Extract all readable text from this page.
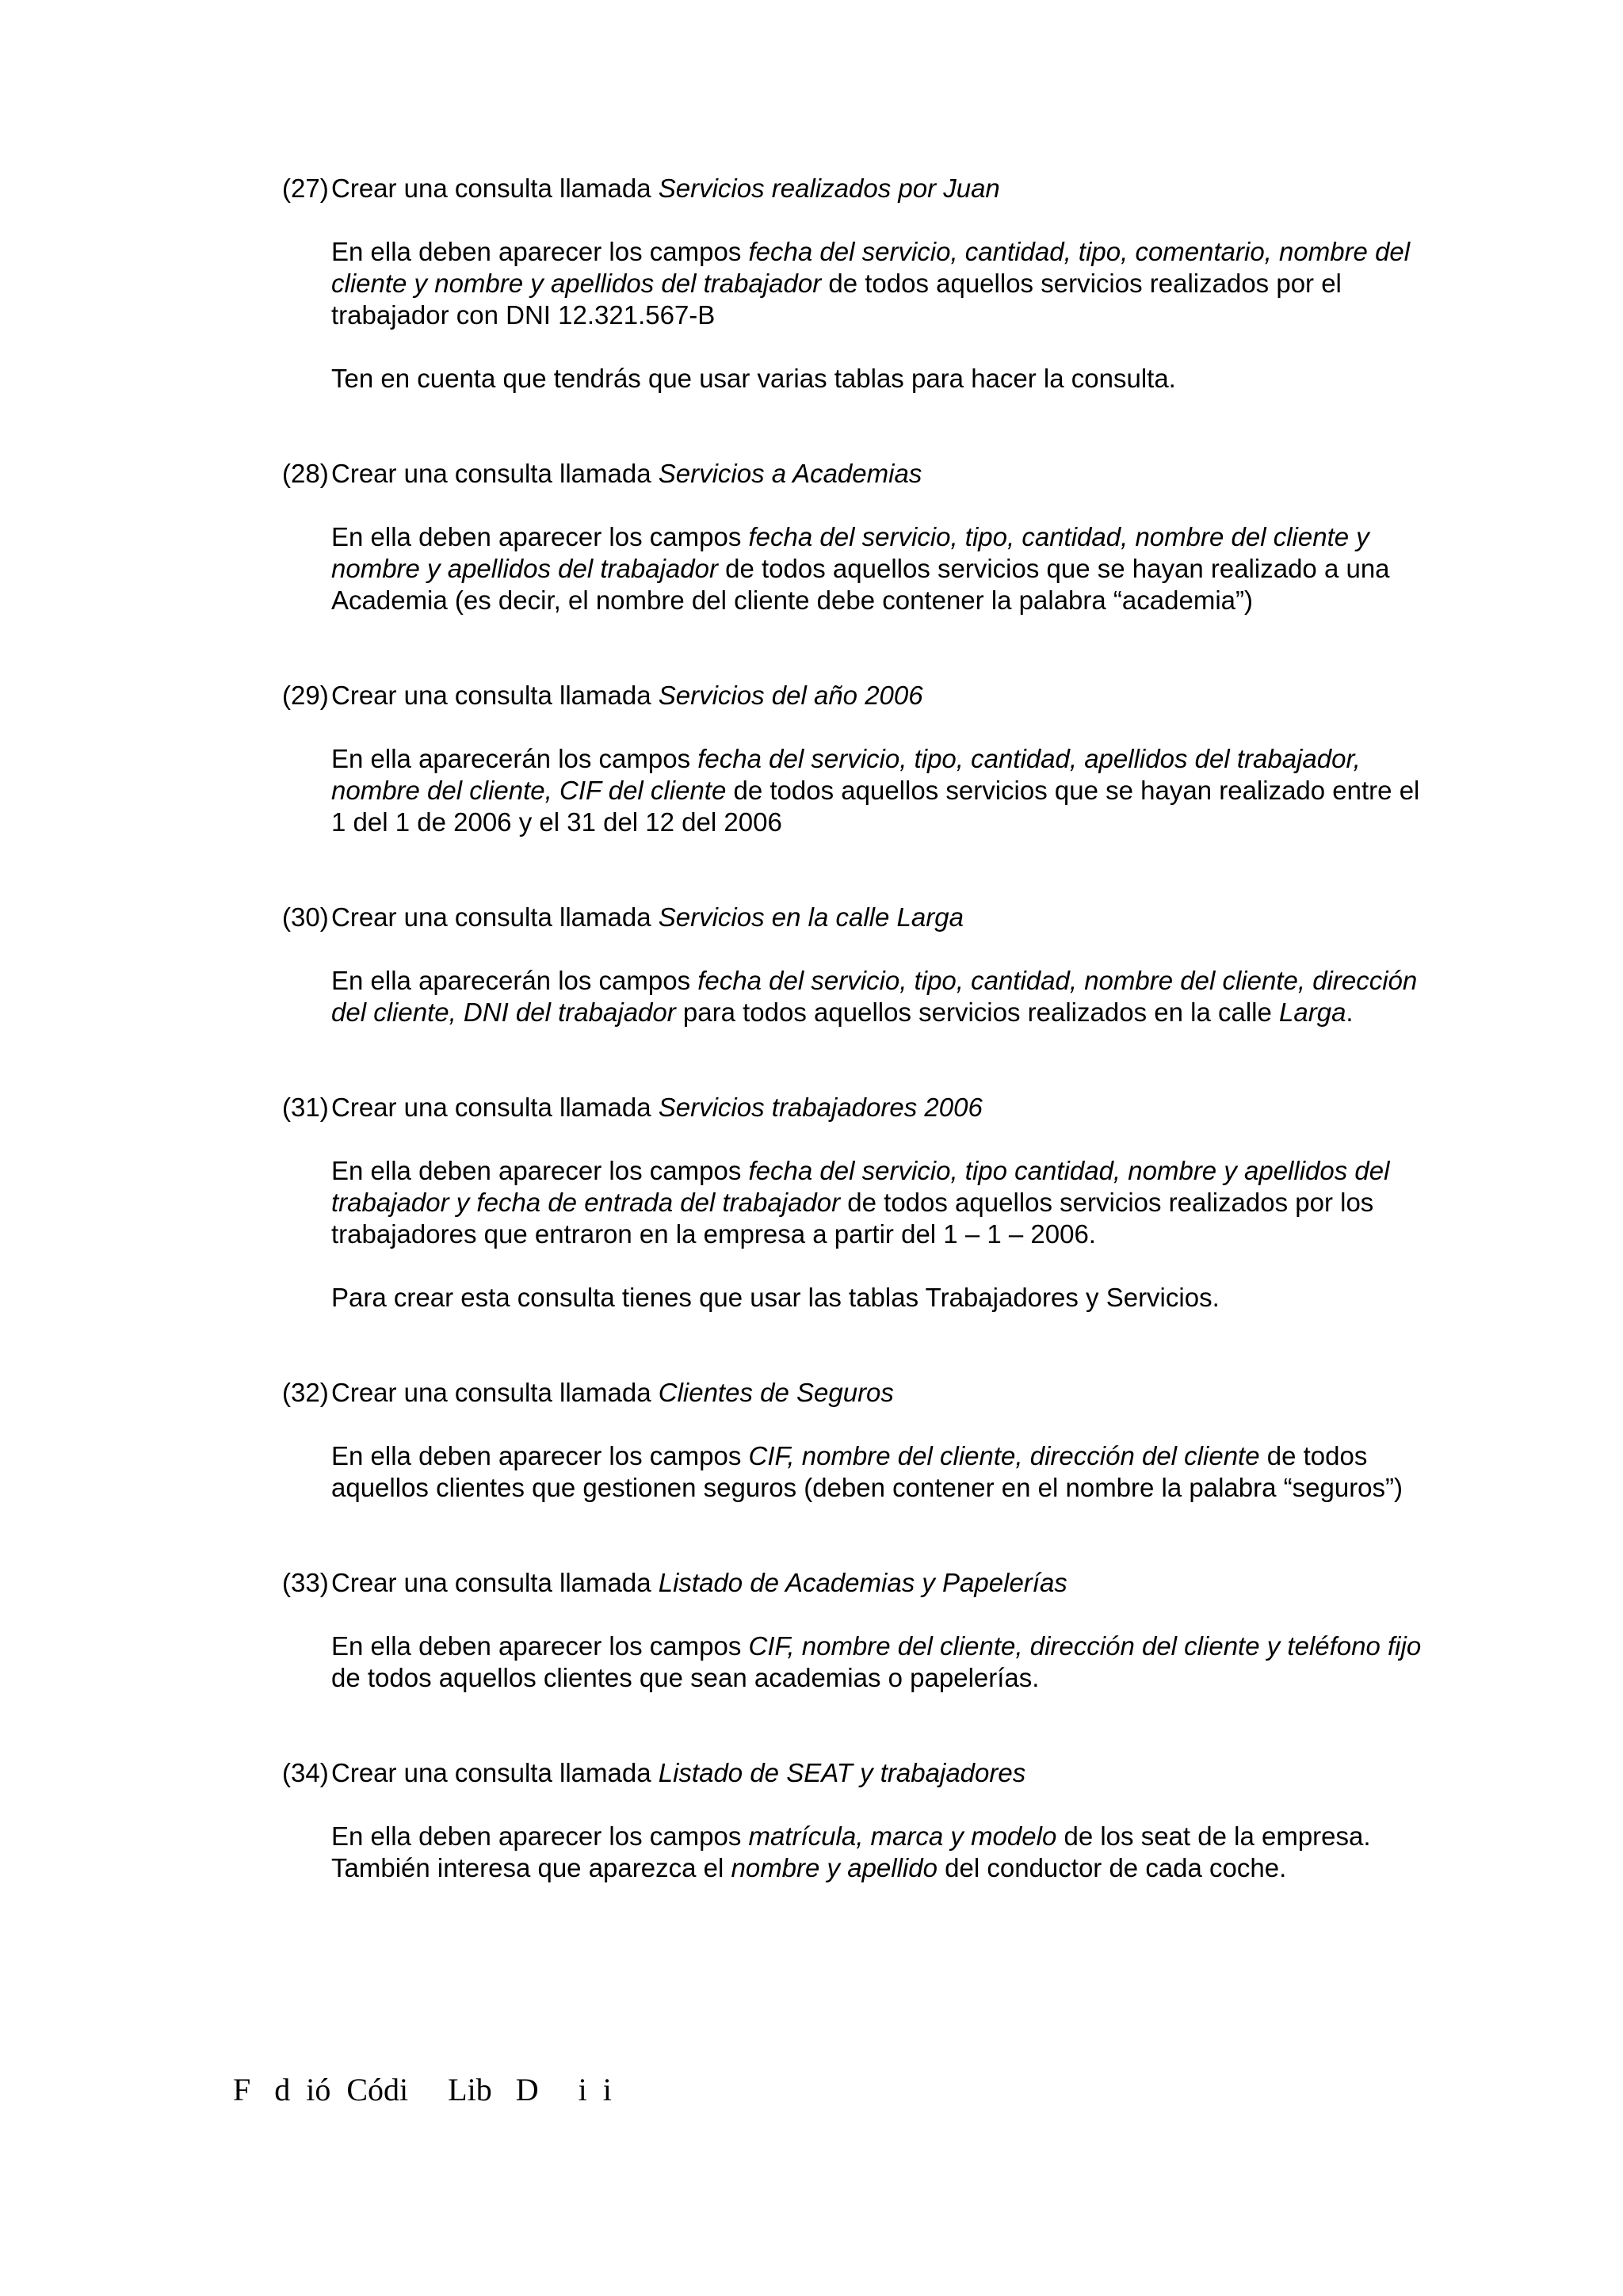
(27) Crear una consulta llamada Servicios realizados por Juan

En ella deben aparecer los campos fecha del servicio, cantidad, tipo, comentario, nombre del cliente y nombre y apellidos del trabajador de todos aquellos servicios realizados por el trabajador con DNI 12.321.567-B

Ten en cuenta que tendrás que usar varias tablas para hacer la consulta.

(28) Crear una consulta llamada Servicios a Academias

En ella deben aparecer los campos fecha del servicio, tipo, cantidad, nombre del cliente y nombre y apellidos del trabajador de todos aquellos servicios que se hayan realizado a una Academia (es decir, el nombre del cliente debe contener la palabra “academia”)

(29) Crear una consulta llamada Servicios del año 2006

En ella aparecerán los campos fecha del servicio, tipo, cantidad, apellidos del trabajador, nombre del cliente, CIF del cliente de todos aquellos servicios que se hayan realizado entre el 1 del 1 de 2006 y el 31 del 12 del 2006

(30) Crear una consulta llamada Servicios en la calle Larga

En ella aparecerán los campos fecha del servicio, tipo, cantidad, nombre del cliente, dirección del cliente, DNI del trabajador para todos aquellos servicios realizados en la calle Larga.

(31) Crear una consulta llamada Servicios trabajadores 2006

En ella deben aparecer los campos fecha del servicio, tipo cantidad, nombre y apellidos del trabajador y fecha de entrada del trabajador de todos aquellos servicios realizados por los trabajadores que entraron en la empresa a partir del 1 – 1 – 2006.

Para crear esta consulta tienes que usar las tablas Trabajadores y Servicios.

(32) Crear una consulta llamada Clientes de Seguros

En ella deben aparecer los campos CIF, nombre del cliente, dirección del cliente de todos aquellos clientes que gestionen seguros (deben contener en el nombre la palabra “seguros”)

(33) Crear una consulta llamada Listado de Academias y Papelerías

En ella deben aparecer los campos CIF, nombre del cliente, dirección del cliente y teléfono fijo de todos aquellos clientes que sean academias o papelerías.

(34) Crear una consulta llamada Listado de SEAT y trabajadores

En ella deben aparecer los campos matrícula, marca y modelo de los seat de la empresa. También interesa que aparezca el nombre y apellido del conductor de cada coche.

F   d  ió  Códi     Lib   D     i  i
